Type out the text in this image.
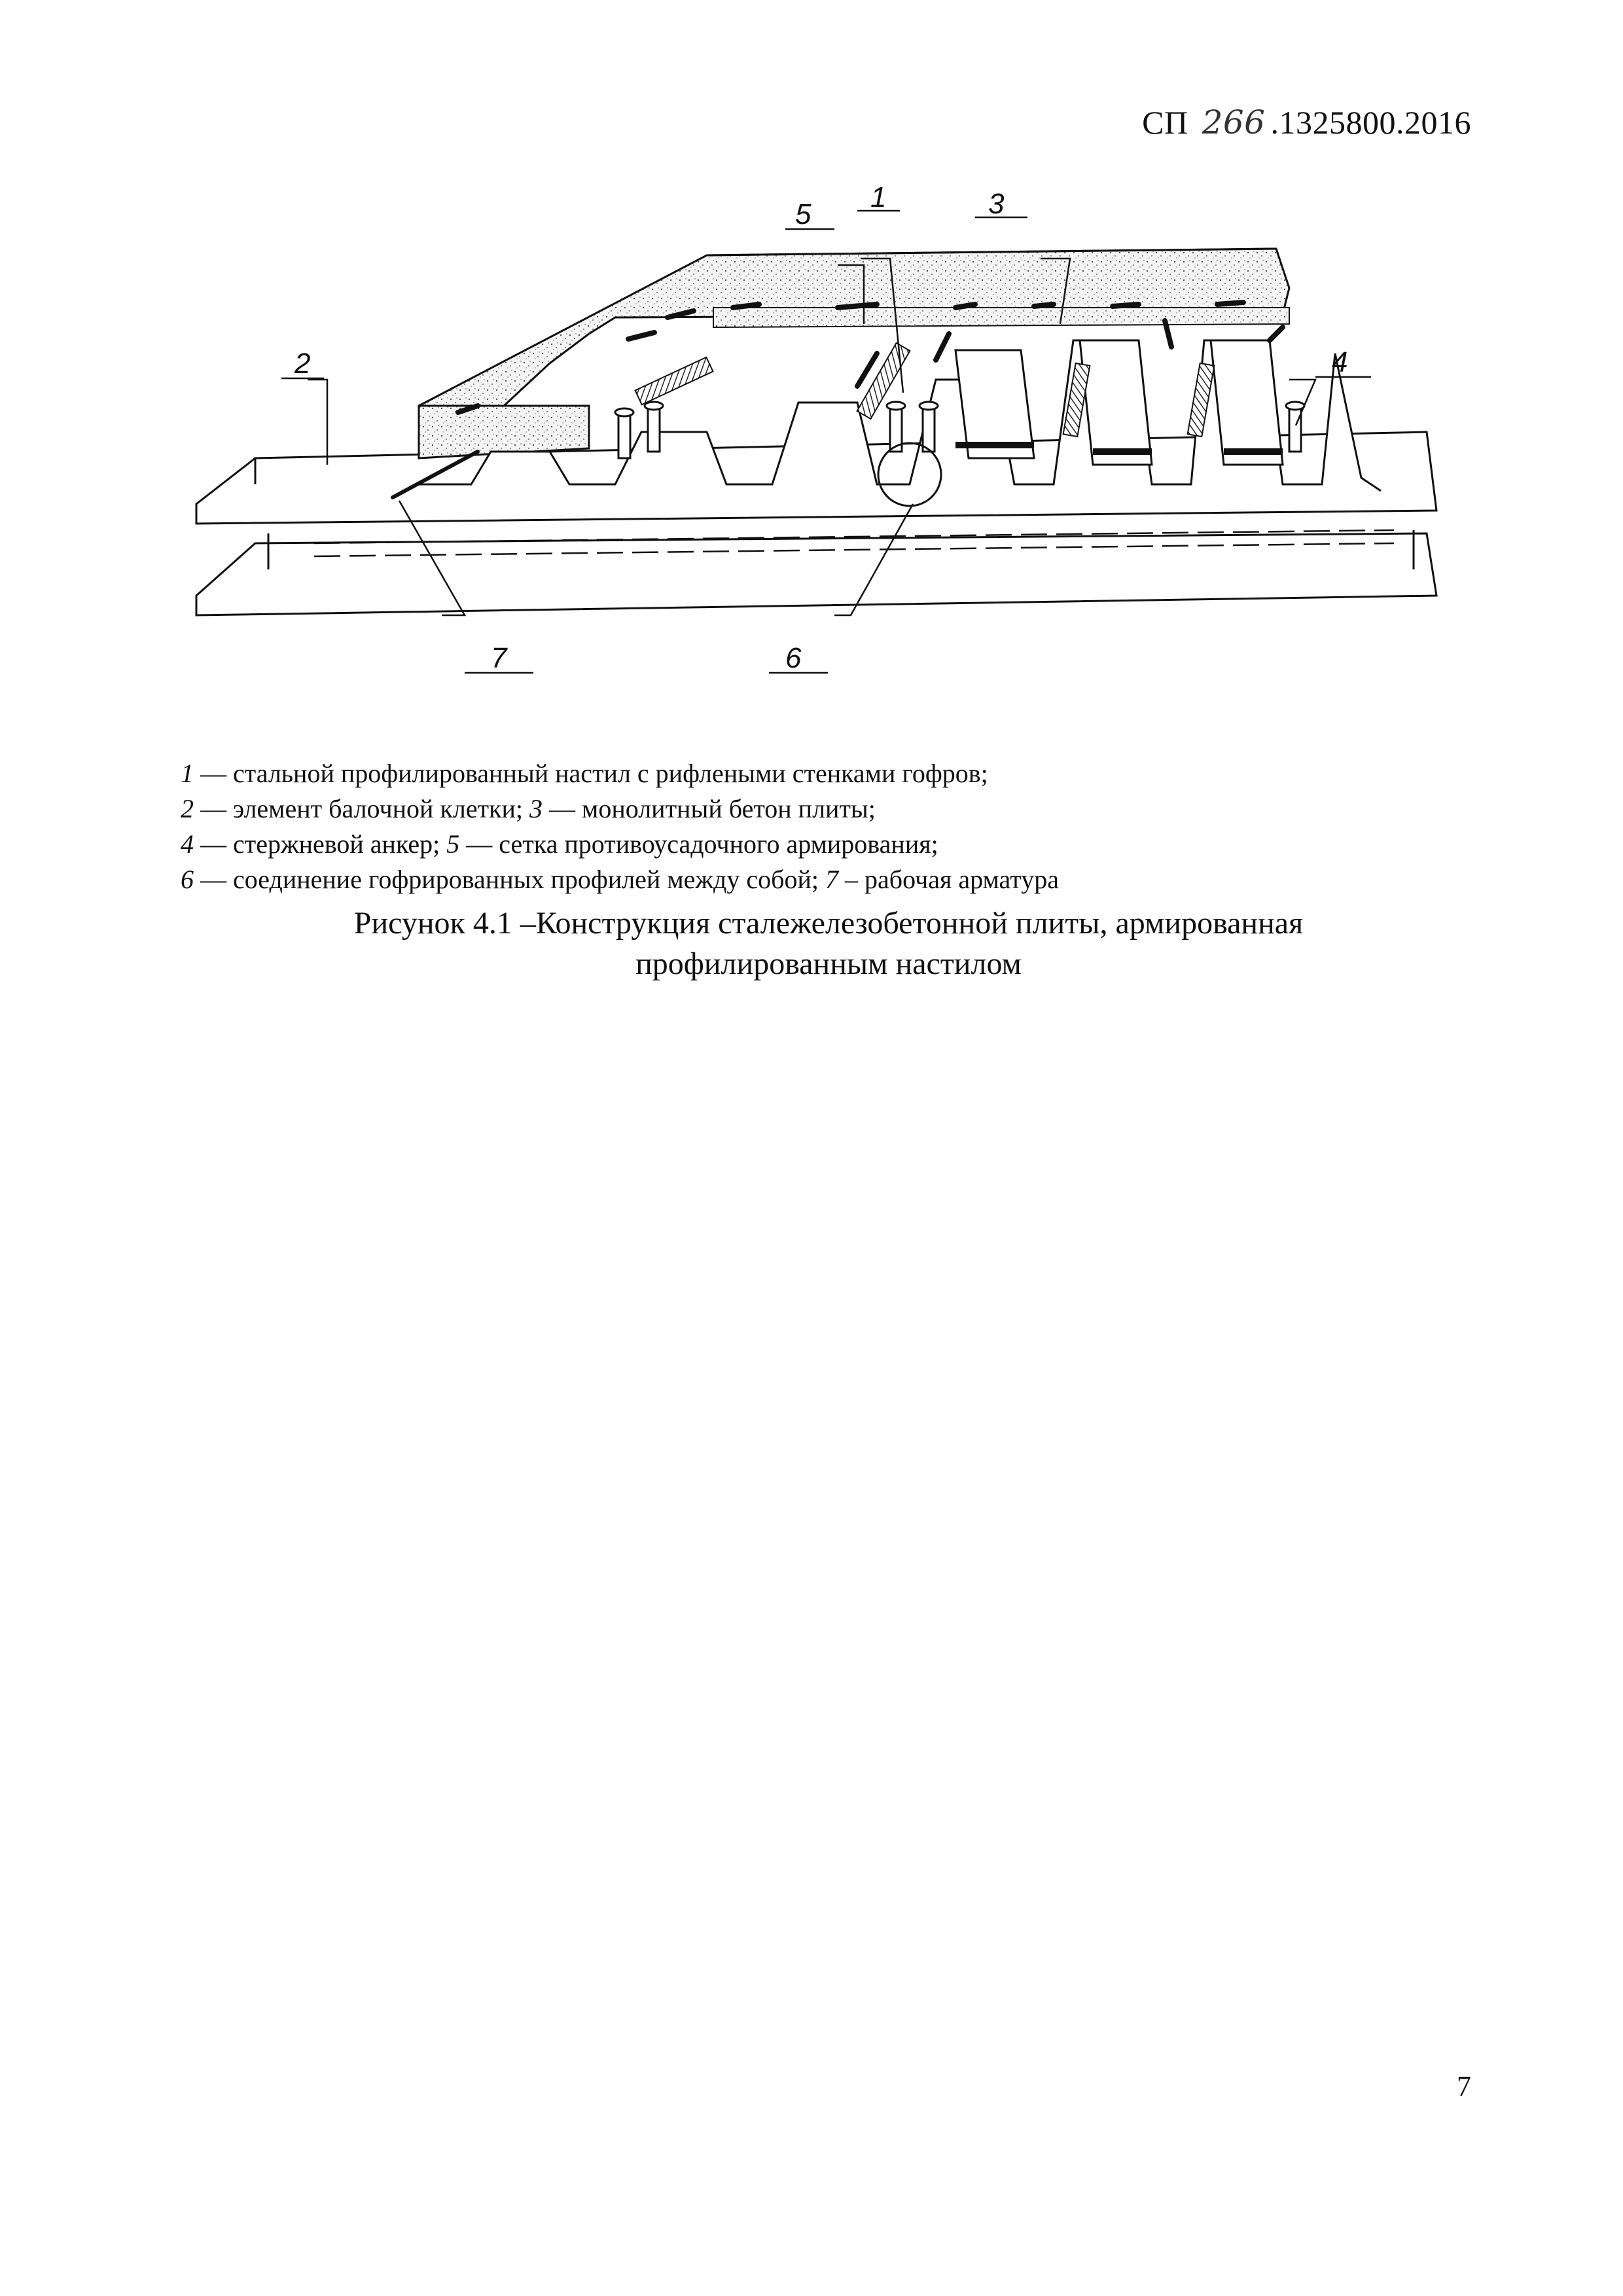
СП 266 .1325800.2016
2
5
1	3
4
6
7
1 — стальной профилированный настил с рифлеными стенками гофров;
2 — элемент балочной клетки; 3 — монолитный бетон плиты;
4 — стержневой анкер; 5 — сетка противоусадочного армирования;
6 — соединение гофрированных профилей между собой; 7 – рабочая арматура
Рисунок 4.1 –Конструкция сталежелезобетонной плиты, армированная
профилированным настилом
7
